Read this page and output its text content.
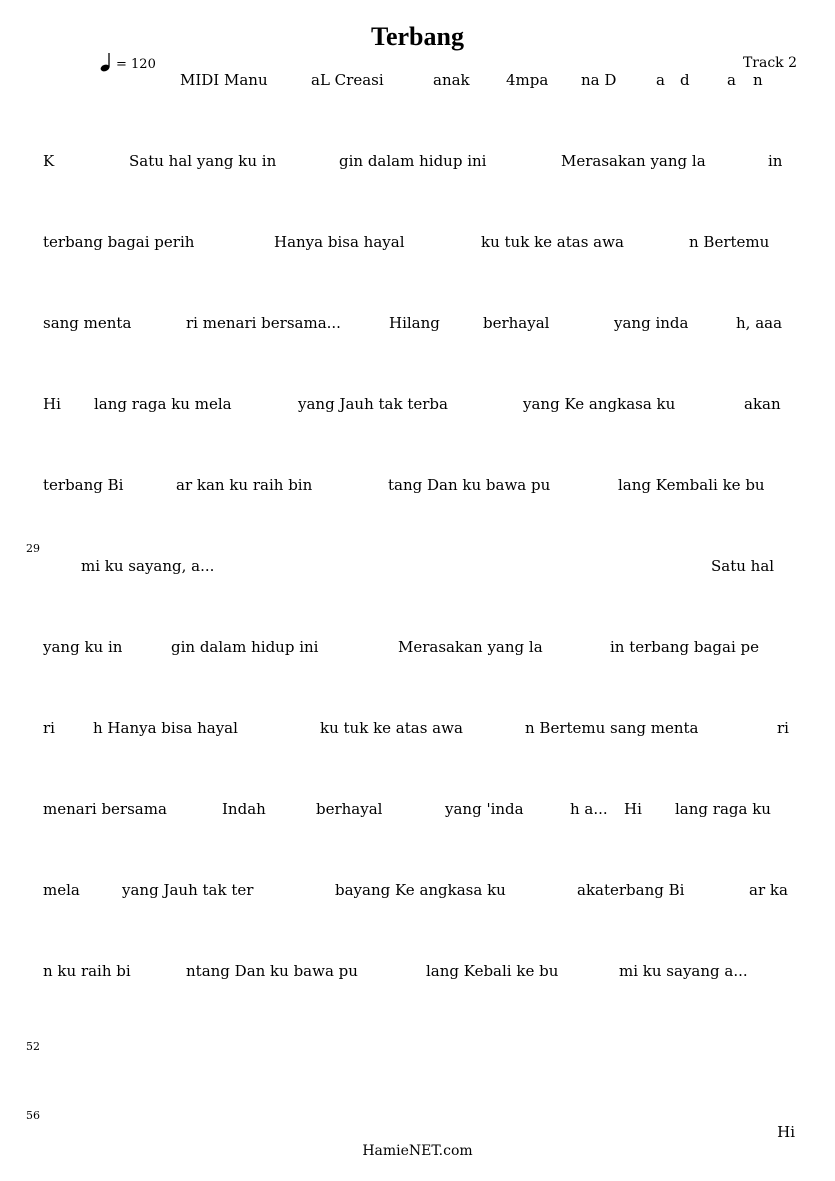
Terbang
= 120	Track 2
MIDI Manu	aL Creasi	anak 4mpa na D	a d a n
K	Satu hal yang ku in	gin dalam hidup ini	Merasakan yang la	in
terbang bagai perih	Hanya bisa hayal	ku tuk ke atas awa	n Bertemu
sang menta	ri menari bersama...	Hilang	berhayal	yang inda	h, aaa
Hi lang raga ku mela	yang Jauh tak terba	yang Ke angkasa ku	akan
terbang Bi	ar kan ku raih bin	tang Dan ku bawa pu	lang Kembali ke bu
29
mi ku sayang, a...	Satu hal
yang ku in	gin dalam hidup ini	Merasakan yang la	in terbang bagai pe
ri	h Hanya bisa hayal	ku tuk ke atas awa	n Bertemu sang menta	ri
menari bersama	Indah	berhayal	yang 'inda	h a... Hi lang raga ku
mela	yang Jauh tak ter	bayang Ke angkasa ku	akaterbang Bi	ar ka
n ku raih bi	ntang Dan ku bawa pu	lang Kebali ke bu	mi ku sayang a...
52
56
Hi
HamieNET.com
